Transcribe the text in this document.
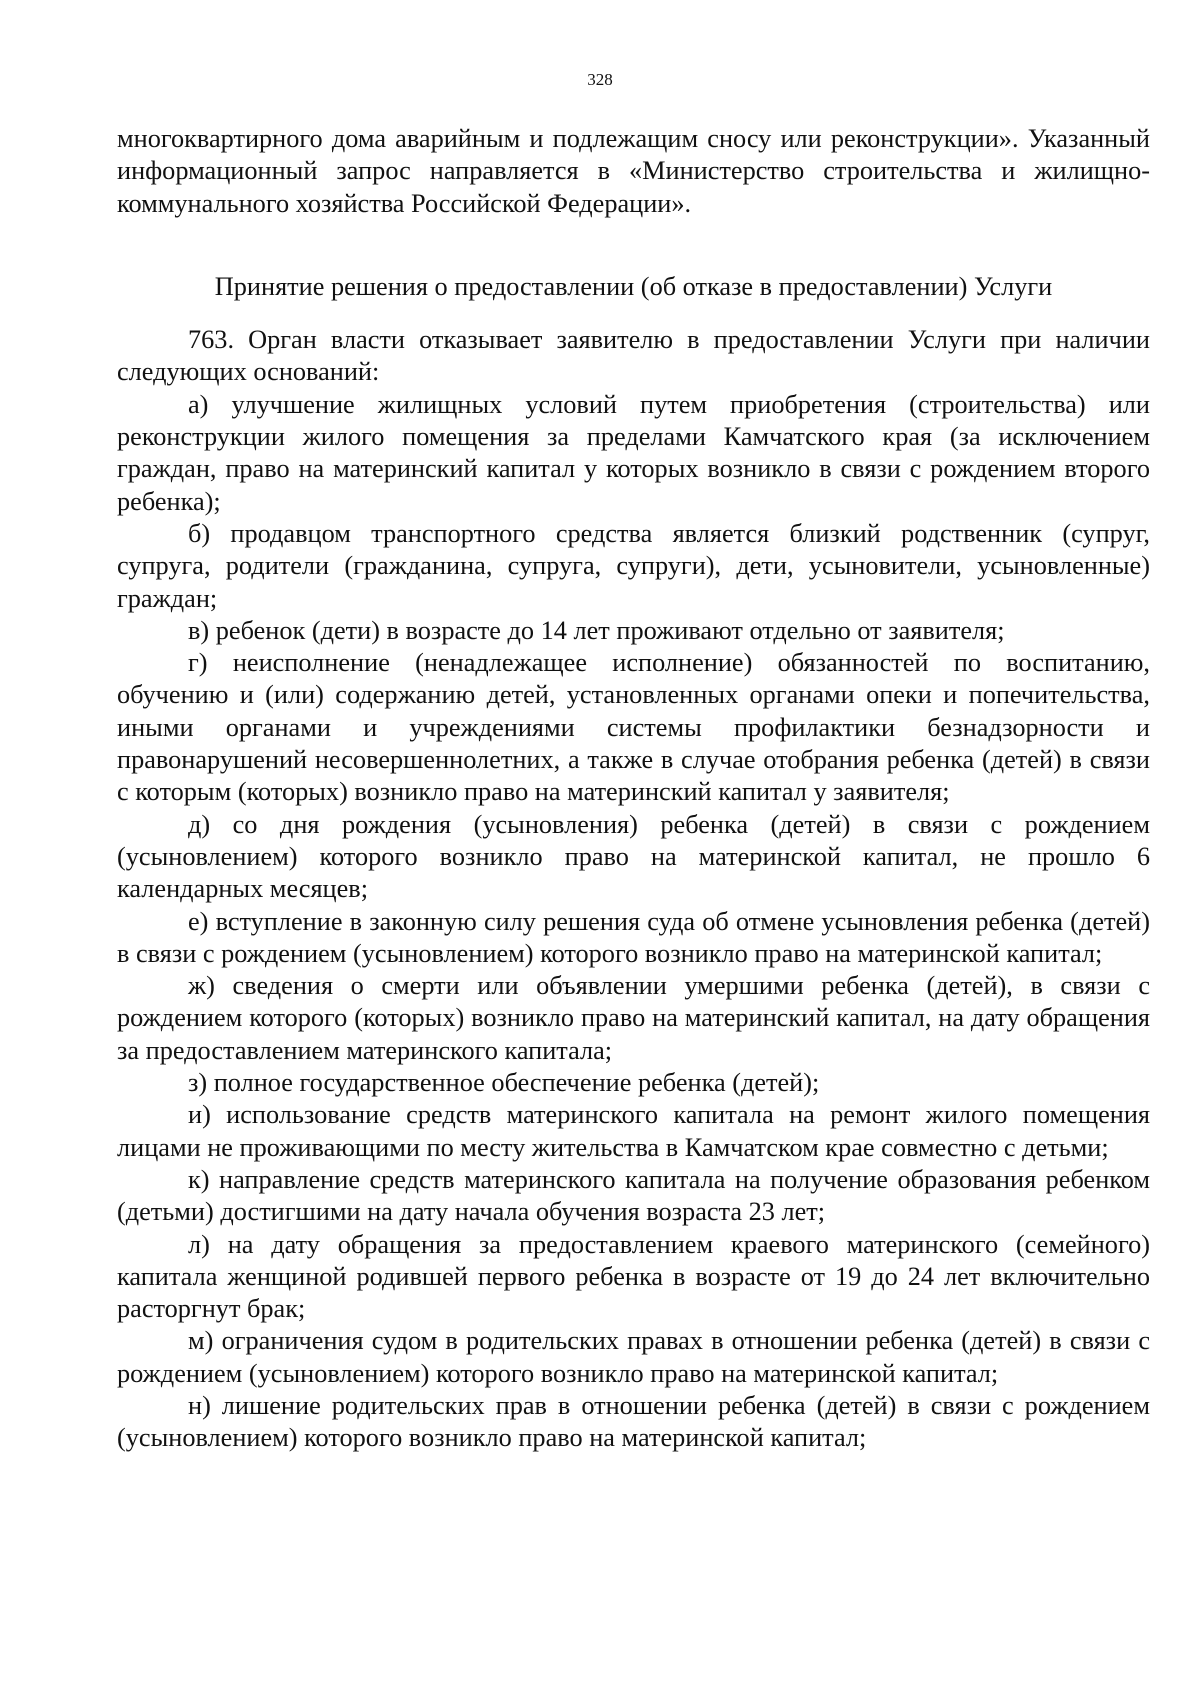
328

многоквартирного дома аварийным и подлежащим сносу или реконструкции». Указанный информационный запрос направляется в «Министерство строительства и жилищно-коммунального хозяйства Российской Федерации».

Принятие решения о предоставлении (об отказе в предоставлении) Услуги

763. Орган власти отказывает заявителю в предоставлении Услуги при наличии следующих оснований:

а) улучшение жилищных условий путем приобретения (строительства) или реконструкции жилого помещения за пределами Камчатского края (за исключением граждан, право на материнский капитал у которых возникло в связи с рождением второго ребенка);

б) продавцом транспортного средства является близкий родственник (супруг, супруга, родители (гражданина, супруга, супруги), дети, усыновители, усыновленные) граждан;

в) ребенок (дети) в возрасте до 14 лет проживают отдельно от заявителя;

г) неисполнение (ненадлежащее исполнение) обязанностей по воспитанию, обучению и (или) содержанию детей, установленных органами опеки и попечительства, иными органами и учреждениями системы профилактики безнадзорности и правонарушений несовершеннолетних, а также в случае отобрания ребенка (детей) в связи с которым (которых) возникло право на материнский капитал у заявителя;

д) со дня рождения (усыновления) ребенка (детей) в связи с рождением (усыновлением) которого возникло право на материнской капитал, не прошло 6 календарных месяцев;

е) вступление в законную силу решения суда об отмене усыновления ребенка (детей) в связи с рождением (усыновлением) которого возникло право на материнской капитал;

ж) сведения о смерти или объявлении умершими ребенка (детей), в связи с рождением которого (которых) возникло право на материнский капитал, на дату обращения за предоставлением материнского капитала;

з) полное государственное обеспечение ребенка (детей);

и) использование средств материнского капитала на ремонт жилого помещения лицами не проживающими по месту жительства в Камчатском крае совместно с детьми;

к) направление средств материнского капитала на получение образования ребенком (детьми) достигшими на дату начала обучения возраста 23 лет;

л) на дату обращения за предоставлением краевого материнского (семейного) капитала женщиной родившей первого ребенка в возрасте от 19 до 24 лет включительно расторгнут брак;

м) ограничения судом в родительских правах в отношении ребенка (детей) в связи с рождением (усыновлением) которого возникло право на материнской капитал;

н) лишение родительских прав в отношении ребенка (детей) в связи с рождением (усыновлением) которого возникло право на материнской капитал;
